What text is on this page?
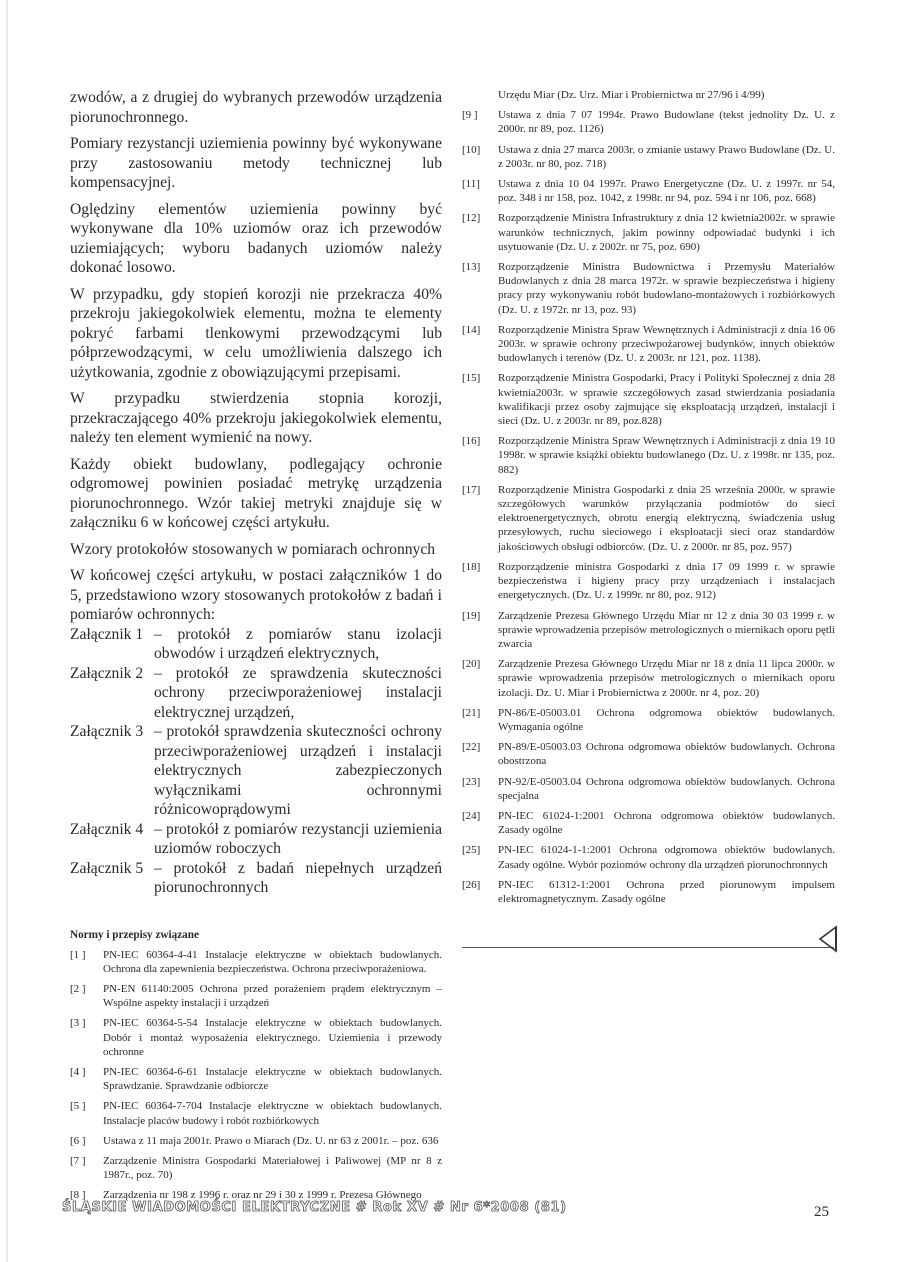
zwodów, a z drugiej do wybranych przewodów urządzenia piorunochronnego.

Pomiary rezystancji uziemienia powinny być wykonywane przy zastosowaniu metody technicznej lub kompensacyjnej.

Oględziny elementów uziemienia powinny być wykonywane dla 10% uziomów oraz ich przewodów uziemiających; wyboru badanych uziomów należy dokonać losowo.

W przypadku, gdy stopień korozji nie przekracza 40% przekroju jakiegokolwiek elementu, można te elementy pokryć farbami tlenkowymi przewodzącymi lub półprzewodzącymi, w celu umożliwienia dalszego ich użytkowania, zgodnie z obowiązującymi przepisami.

W przypadku stwierdzenia stopnia korozji, przekraczającego 40% przekroju jakiegokolwiek elementu, należy ten element wymienić na nowy.

Każdy obiekt budowlany, podlegający ochronie odgromowej powinien posiadać metrykę urządzenia piorunochronnego. Wzór takiej metryki znajduje się w załączniku 6 w końcowej części artykułu.

Wzory protokołów stosowanych w pomiarach ochronnych

W końcowej części artykułu, w postaci załączników 1 do 5, przedstawiono wzory stosowanych protokołów z badań i pomiarów ochronnych:

Załącznik 1 – protokół z pomiarów stanu izolacji obwodów i urządzeń elektrycznych,
Załącznik 2 – protokół ze sprawdzenia skuteczności ochrony przeciwporażeniowej instalacji elektrycznej urządzeń,
Załącznik 3 – protokół sprawdzenia skuteczności ochrony przeciwporażeniowej urządzeń i instalacji elektrycznych zabezpieczonych wyłącznikami ochronnymi różnicowoprądowymi
Załącznik 4 – protokół z pomiarów rezystancji uziemienia uziomów roboczych
Załącznik 5 – protokół z badań niepełnych urządzeń piorunochronnych
Normy i przepisy związane
[1 ]	PN-IEC 60364-4-41 Instalacje elektryczne w obiektach budowlanych. Ochrona dla zapewnienia bezpieczeństwa. Ochrona przeciwporażeniowa.
[2 ]	PN-EN 61140:2005 Ochrona przed porażeniem prądem elektrycznym – Wspólne aspekty instalacji i urządzeń
[3 ]	PN-IEC 60364-5-54 Instalacje elektryczne w obiektach budowlanych. Dobór i montaż wyposażenia elektrycznego. Uziemienia i przewody ochronne
[4 ]	PN-IEC 60364-6-61 Instalacje elektryczne w obiektach budowlanych. Sprawdzanie. Sprawdzanie odbiorcze
[5 ]	PN-IEC 60364-7-704 Instalacje elektryczne w obiektach budowlanych. Instalacje placów budowy i robót rozbiórkowych
[6 ]	Ustawa z 11 maja 2001r. Prawo o Miarach (Dz. U. nr 63 z 2001r. – poz. 636
[7 ]	Zarządzenie Ministra Gospodarki Materiałowej i Paliwowej (MP nr 8 z 1987r., poz. 70)
[8 ]	Zarządzenia nr 198 z 1996 r. oraz nr 29 i 30 z 1999 r. Prezesa Głównego
Urzędu Miar (Dz. Urz. Miar i Probiernictwa nr 27/96 i 4/99)
[9 ]	Ustawa z dnia 7 07 1994r. Prawo Budowlane (tekst jednolity Dz. U. z 2000r. nr 89, poz. 1126)
[10]	Ustawa z dnia 27 marca 2003r. o zmianie ustawy Prawo Budowlane (Dz. U. z 2003r. nr 80, poz. 718)
[11]	Ustawa z dnia 10 04 1997r. Prawo Energetyczne (Dz. U. z 1997r. nr 54, poz. 348 i nr 158, poz. 1042, z 1998r. nr 94, poz. 594 i nr 106, poz. 668)
[12]	Rozporządzenie Ministra Infrastruktury z dnia 12 kwietnia2002r. w sprawie warunków technicznych, jakim powinny odpowiadać budynki i ich usytuowanie (Dz. U. z 2002r. nr 75, poz. 690)
[13]	Rozporządzenie Ministra Budownictwa i Przemysłu Materiałów Budowlanych z dnia 28 marca 1972r. w sprawie bezpieczeństwa i higieny pracy przy wykonywaniu robót budowlano-montażowych i rozbiórkowych (Dz. U. z 1972r. nr 13, poz. 93)
[14]	Rozporządzenie Ministra Spraw Wewnętrznych i Administracji z dnia 16 06 2003r. w sprawie ochrony przeciwpożarowej budynków, innych obiektów budowlanych i terenów (Dz. U. z 2003r. nr 121, poz. 1138).
[15]	Rozporządzenie Ministra Gospodarki, Pracy i Polityki Społecznej z dnia 28 kwietnia2003r. w sprawie szczegółowych zasad stwierdzania posiadania kwalifikacji przez osoby zajmujące się eksploatacją urządzeń, instalacji i sieci (Dz. U. z 2003r. nr 89, poz.828)
[16]	Rozporządzenie Ministra Spraw Wewnętrznych i Administracji z dnia 19 10 1998r. w sprawie książki obiektu budowlanego (Dz. U. z 1998r. nr 135, poz. 882)
[17]	Rozporządzenie Ministra Gospodarki z dnia 25 września 2000r. w sprawie szczegółowych warunków przyłączania podmiotów do sieci elektroenergetycznych, obrotu energią elektryczną, świadczenia usług przesyłowych, ruchu sieciowego i eksploatacji sieci oraz standardów jakościowych obsługi odbiorców. (Dz. U. z 2000r. nr 85, poz. 957)
[18]	Rozporządzenie ministra Gospodarki z dnia 17 09 1999 r. w sprawie bezpieczeństwa i higieny pracy przy urządzeniach i instalacjach energetycznych. (Dz. U. z 1999r. nr 80, poz. 912)
[19]	Zarządzenie Prezesa Głównego Urzędu Miar nr 12 z dnia 30 03 1999 r. w sprawie wprowadzenia przepisów metrologicznych o miernikach oporu pętli zwarcia
[20]	Zarządzenie Prezesa Głównego Urzędu Miar nr 18 z dnia 11 lipca 2000r. w sprawie wprowadzenia przepisów metrologicznych o miernikach oporu izolacji. Dz. U. Miar i Probiernictwa z 2000r. nr 4, poz. 20)
[21]	PN-86/E-05003.01 Ochrona odgromowa obiektów budowlanych. Wymagania ogólne
[22]	PN-89/E-05003.03 Ochrona odgromowa obiektów budowlanych. Ochrona obostrzona
[23]	PN-92/E-05003.04 Ochrona odgromowa obiektów budowlanych. Ochrona specjalna
[24]	PN-IEC 61024-1:2001 Ochrona odgromowa obiektów budowlanych. Zasady ogólne
[25]	PN-IEC 61024-1-1:2001 Ochrona odgromowa obiektów budowlanych. Zasady ogólne. Wybór poziomów ochrony dla urządzeń piorunochronnych
[26]	PN-IEC 61312-1:2001 Ochrona przed piorunowym impulsem elektromagnetycznym. Zasady ogólne
ŚLĄSKIE WIADOMOŚCI ELEKTRYCZNE # Rok XV # Nr 6*2008 (81)	25
